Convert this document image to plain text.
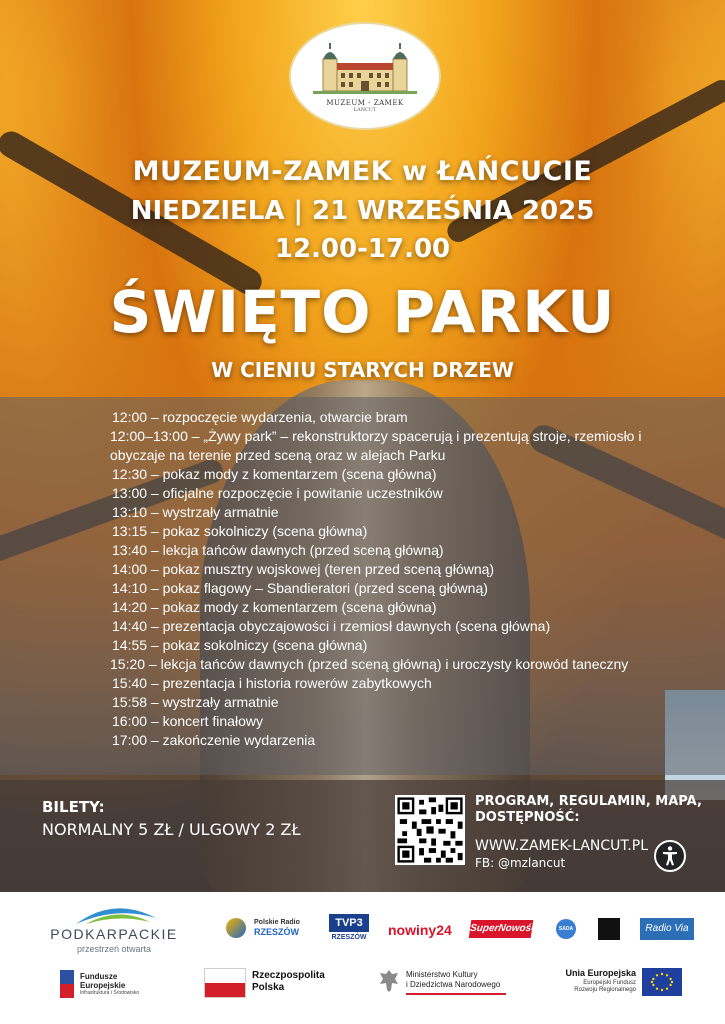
MUZEUM - ZAMEK
ŁAŃCUT
MUZEUM-ZAMEK w ŁAŃCUCIE
NIEDZIELA | 21 WRZEŚNIA 2025
12.00-17.00
ŚWIĘTO PARKU
W CIENIU STARYCH DRZEW
12:00 – rozpoczęcie wydarzenia, otwarcie bram
12:00–13:00 – „Żywy park” – rekonstruktorzy spacerują i prezentują stroje, rzemiosło i obyczaje na terenie przed sceną oraz w alejach Parku
12:30 – pokaz mody z komentarzem (scena główna)
13:00 – oficjalne rozpoczęcie i powitanie uczestników
13:10 – wystrzały armatnie
13:15 – pokaz sokolniczy (scena główna)
13:40 – lekcja tańców dawnych (przed sceną główną)
14:00 – pokaz musztry wojskowej (teren przed sceną główną)
14:10 – pokaz flagowy – Sbandieratori (przed sceną główną)
14:20 – pokaz mody z komentarzem (scena główna)
14:40 – prezentacja obyczajowości i rzemiosł dawnych (scena główna)
14:55 – pokaz sokolniczy (scena główna)
15:20 – lekcja tańców dawnych (przed sceną główną) i uroczysty korowód taneczny
15:40 – prezentacja i historia rowerów zabytkowych
15:58 – wystrzały armatnie
16:00 – koncert finałowy
17:00 – zakończenie wydarzenia
BILETY:
NORMALNY 5 ZŁ / ULGOWY 2 ZŁ
PROGRAM, REGULAMIN, MAPA, DOSTĘPNOŚĆ:
WWW.ZAMEK-LANCUT.PL
FB: @mzlancut
PODKARPACKIE
przestrzeń otwarta
Polskie Radio
RZESZÓW
TVP3
RZESZÓW nowiny24 SuperNowości	SADA	Radio Via
Fundusze
Europejskie
Infrastruktura i Środowisko
Rzeczpospolita
Polska
Ministerstwo Kultury
i Dziedzictwa Narodowego
Unia Europejska
Europejski Fundusz
Rozwoju Regionalnego
